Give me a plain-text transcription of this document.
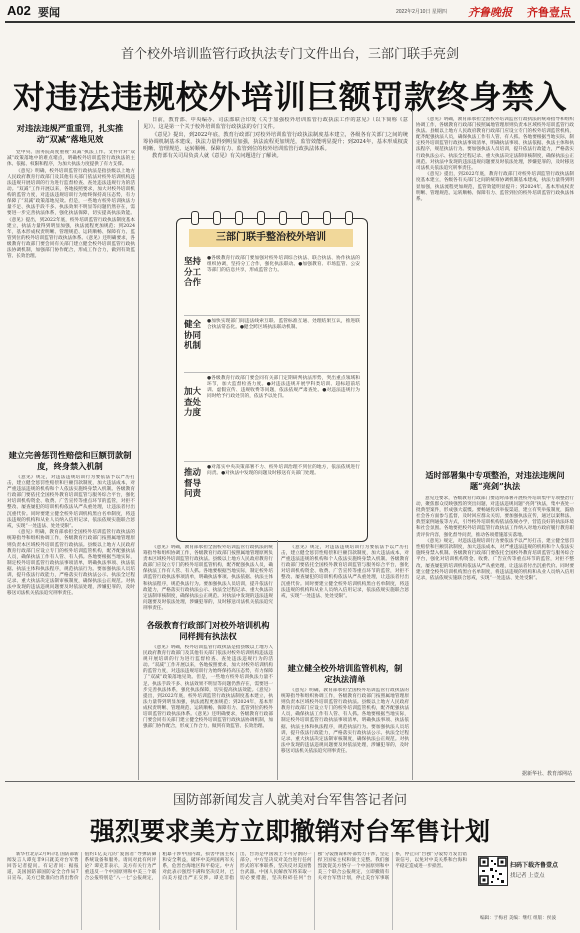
A02 要闻	2022年2月10日 星期四 齐鲁晚报 齐鲁壹点
首个校外培训监管行政执法专门文件出台，三部门联手亮剑
对违法违规校外培训巨额罚款终身禁入
对违法违规严重重罚，扎实推动“双减”落地见效

党中央、国务院高度重视“双减”执法工作。文件针对“双减”政策落地中的难点堵点，明确校外培训监管行政执法的主体、依据、权限和程序，为加大执法力度提供了有力支撑。

《意见》明确，校外培训监管行政执法是指县级以上地方人民政府教育行政部门及其他有关部门依法对校外培训机构违法违规开展培训的行为进行监督检查、查处违法违规行为的活动。“双减”工作开展以来，各地按照要求，加大对校外培训机构的监管力度，对违法违规培训行为始终保持高压态势，有力保障了“双减”政策落地见效。但是，一些地方校外培训执法力量不足、执法手段不多、执法效果不明显等问题仍然存在，需要进一步完善执法体系，强化执法保障，切实提高执法效能。《意见》提出，到2022年底，校外培训监管行政执法制度基本建立，执法力量得到明显加强，执法流程更加规范；到2024年，基本形成权责明晰、管理规范、运转顺畅、保障有力、监管到位的校外培训监管行政执法体系。《意见》还明确要求，各级教育行政部门要会同有关部门建立健全校外培训监管行政执法协调机制，加强部门协作配合，形成工作合力，做到有效监管、长效治理。

建立完善惩罚性赔偿和巨额罚款制度，终身禁入机制

《意见》规定，对违法违规培训行为要依法予以严厉打击，建立健全惩罚性赔偿和巨额罚款制度，加大违法成本，对严重违法违规的机构和个人依法实施终身禁入机制。各级教育行政部门要依托全国校外教育培训监管与服务综合平台，强化对培训机构资金、收费、广告宣传等重点环节的监管，对拒不整改、屡查屡犯的培训机构依法从严从重处理，让违法者付出沉重代价。同时要建立健全校外培训机构黑白名单制度，将违法违规的机构和从业人员纳入信用记录，依法依规实施联合惩戒，实现“一处违法、处处受限”。

《意见》明确，教育部承担全国校外培训监管行政执法的统筹指导和组织协调工作，各级教育行政部门按照属地管理原则负责本区域校外培训监管行政执法。县级以上地方人民政府教育行政部门应设立专门的校外培训监管机构，配齐配强执法人员，确保执法工作有人管、有人抓。各地要根据当地实际，制定校外培训监管行政执法事项清单，明确执法事项、执法依据、执法主体和执法程序，规范执法行为。要加强执法人员培训，提升依法行政能力，严格落实行政执法公示、执法全过程记录、重大执法决定法制审核制度，确保执法公正规范。对执法中发现的违法违规问题要及时依法处理，涉嫌犯罪的，及时移送司法机关依法追究刑事责任。

日前，教育部、中央编办、司法部联合印发《关于加强校外培训监管行政执法工作的意见》（以下简称《意见》）。这是第一个关于校外培训监管行政执法的专门文件。

《意见》提出，到2022年底，教育行政部门对校外培训监管行政执法制度基本建立，各级各有关部门之间的统筹协调机制基本建成，执法力量得到明显加强，执法流程更加规范，监管效能明显提升；到2024年，基本形成权责明晰、管理规范、运转顺畅、保障有力、监管到位的校外培训监管行政执法体系。

教育部有关司局负责人就《意见》有关问题进行了解读。

三部门联手整治校外培训
坚持分工合作
●各级教育行政部门要加强对校外培训综合执法、联合执法、协作执法的组织协调，坚持分工合作，强化执法联动。●加强教育、市场监管、公安等部门的信息共享，形成监管合力。
健全协同机制
●加快实现部门间违法线索互联、监管标准互通、处理结果互认，推进联合执法常态化。●健全跨区域执法联动机制。
加大查处力度
●各级教育行政部门要会同有关部门定期研判执法形势，突出重点领域和环节，加大监督检查力度。●对违法违规开展学科类培训、超标超前培训、虚假宣传、违规收费等问题，依法依规严肃查处。●对违法违规行为同时给予行政处罚的，依法予以处罚。
推动督导问责
●对落实中央决策部署不力、校外培训治理不到位的地方，依法依规进行问责。●对执法中发现的问题及时移送有关部门处理。

《意见》明确，教育部承担全国校外培训监管行政执法的统筹指导和组织协调工作，各级教育行政部门按照属地管理原则负责本区域校外培训监管行政执法。县级以上地方人民政府教育行政部门应设立专门的校外培训监管机构，配齐配强执法人员，确保执法工作有人管、有人抓。各地要根据当地实际，制定校外培训监管行政执法事项清单，明确执法事项、执法依据、执法主体和执法程序，规范执法行为。要加强执法人员培训，提升依法行政能力，严格落实行政执法公示、执法全过程记录、重大执法决定法制审核制度，确保执法公正规范。对执法中发现的违法违规问题要及时依法处理，涉嫌犯罪的，及时移送司法机关依法追究刑事责任。

各级教育行政部门对校外培训机构同样拥有执法权

《意见》明确，校外培训监管行政执法是指县级以上地方人民政府教育行政部门及其他有关部门依法对校外培训机构违法违规开展培训的行为进行监督检查、查处违法违规行为的活动。“双减”工作开展以来，各地按照要求，加大对校外培训机构的监管力度，对违法违规培训行为始终保持高压态势，有力保障了“双减”政策落地见效。但是，一些地方校外培训执法力量不足、执法手段不多、执法效果不明显等问题仍然存在，需要进一步完善执法体系，强化执法保障，切实提高执法效能。《意见》提出，到2022年底，校外培训监管行政执法制度基本建立，执法力量得到明显加强，执法流程更加规范；到2024年，基本形成权责明晰、管理规范、运转顺畅、保障有力、监管到位的校外培训监管行政执法体系。《意见》还明确要求，各级教育行政部门要会同有关部门建立健全校外培训监管行政执法协调机制，加强部门协作配合，形成工作合力，做到有效监管、长效治理。

《意见》规定，对违法违规培训行为要依法予以严厉打击，建立健全惩罚性赔偿和巨额罚款制度，加大违法成本，对严重违法违规的机构和个人依法实施终身禁入机制。各级教育行政部门要依托全国校外教育培训监管与服务综合平台，强化对培训机构资金、收费、广告宣传等重点环节的监管，对拒不整改、屡查屡犯的培训机构依法从严从重处理，让违法者付出沉重代价。同时要建立健全校外培训机构黑白名单制度，将违法违规的机构和从业人员纳入信用记录，依法依规实施联合惩戒，实现“一处违法、处处受限”。

建立健全校外培训监管机构，制定执法清单

《意见》明确，教育部承担全国校外培训监管行政执法的统筹指导和组织协调工作，各级教育行政部门按照属地管理原则负责本区域校外培训监管行政执法。县级以上地方人民政府教育行政部门应设立专门的校外培训监管机构，配齐配强执法人员，确保执法工作有人管、有人抓。各地要根据当地实际，制定校外培训监管行政执法事项清单，明确执法事项、执法依据、执法主体和执法程序，规范执法行为。要加强执法人员培训，提升依法行政能力，严格落实行政执法公示、执法全过程记录、重大执法决定法制审核制度，确保执法公正规范。对执法中发现的违法违规问题要及时依法处理，涉嫌犯罪的，及时移送司法机关依法追究刑事责任。

《意见》明确，教育部承担全国校外培训监管行政执法的统筹指导和组织协调工作，各级教育行政部门按照属地管理原则负责本区域校外培训监管行政执法。县级以上地方人民政府教育行政部门应设立专门的校外培训监管机构，配齐配强执法人员，确保执法工作有人管、有人抓。各地要根据当地实际，制定校外培训监管行政执法事项清单，明确执法事项、执法依据、执法主体和执法程序，规范执法行为。要加强执法人员培训，提升依法行政能力，严格落实行政执法公示、执法全过程记录、重大执法决定法制审核制度，确保执法公正规范。对执法中发现的违法违规问题要及时依法处理，涉嫌犯罪的，及时移送司法机关依法追究刑事责任。

《意见》提出，到2022年底，教育行政部门对校外培训监管行政执法制度基本建立，各级各有关部门之间的统筹协调机制基本建成，执法力量得到明显加强，执法流程更加规范，监管效能明显提升；到2024年，基本形成权责明晰、管理规范、运转顺畅、保障有力、监管到位的校外培训监管行政执法体系。

适时部署集中专项整治，对违法违规问题“亮剑”执法

意见还要求，各级教育行政部门要适时部署开展校外培训集中专项整治行动，聚焦群众反映强烈的突出问题，对违法违规问题“亮剑”执法，集中查处一批典型案件，形成强大震慑。要畅通投诉举报渠道，建立有奖举报制度，鼓励社会各方面参与监督，及时回应群众关切。要加强执法宣传，通过以案释法、典型案例通报等方式，引导校外培训机构依法依规办学，营造良好的执法环境和社会氛围。各地要把校外培训监管行政执法工作纳入对地方政府履行教育职责评价内容，强化督导问责，推动各项措施落实落地。

《意见》规定，对违法违规培训行为要依法予以严厉打击，建立健全惩罚性赔偿和巨额罚款制度，加大违法成本，对严重违法违规的机构和个人依法实施终身禁入机制。各级教育行政部门要依托全国校外教育培训监管与服务综合平台，强化对培训机构资金、收费、广告宣传等重点环节的监管，对拒不整改、屡查屡犯的培训机构依法从严从重处理，让违法者付出沉重代价。同时要建立健全校外培训机构黑白名单制度，将违法违规的机构和从业人员纳入信用记录，依法依规实施联合惩戒，实现“一处违法、处处受限”。

据新华社、教育部网站
国防部新闻发言人就美对台军售答记者问
强烈要求美方立即撤销对台军售计划
新华社北京2月9日电 国防部新闻发言人谭克非9日就美对台军售回答记者提问。有记者问：据报道，美国国防部国防安全合作局7日宣布，美方已批准向台湾出售价值约1亿美元的“爱国者”导弹防御系统设备和服务。请问对此有何评论？谭克非表示，美方有关行为严重违反一个中国原则和中美三个联合公报特别是“八一七”公报规定，粗暴干涉中国内政，损害中国主权和安全利益，破坏中美两国两军关系，危害台海地区和平稳定。中方对此表示强烈不满和坚决反对，已向美方提出严正交涉。谭克非指出，台湾是中国领土不可分割的一部分，中方坚决反对美台进行任何形式的军事联系，坚决反对美国售台武器。中国人民解放军将采取一切必要措施，坚决粉碎任何“台独”分裂图谋和外部势力干涉，坚定捍卫国家主权和领土完整。我们强烈敦促美方恪守一个中国原则和中美三个联合公报规定，立即撤销有关对台军售计划，停止美台军事联系，停止向“台独”分裂势力发出错误信号，以免对中美关系和台海和平稳定造成进一步损害。	扫码下载齐鲁壹点
找记者 上壹点
编辑：于梅君 美编：继红 组版：侯波
